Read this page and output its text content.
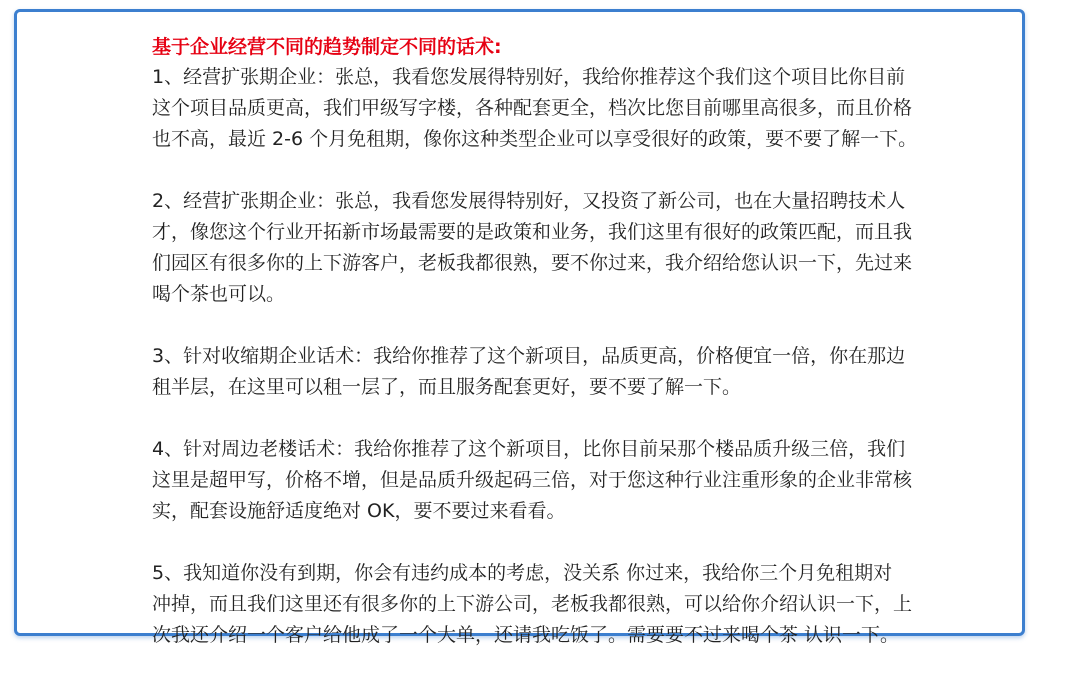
基于企业经营不同的趋势制定不同的话术:

1、经营扩张期企业：张总，我看您发展得特别好，我给你推荐这个我们这个项目比你目前
这个项目品质更高，我们甲级写字楼，各种配套更全，档次比您目前哪里高很多，而且价格
也不高，最近 2-6 个月免租期，像你这种类型企业可以享受很好的政策，要不要了解一下。
2、经营扩张期企业：张总，我看您发展得特别好，又投资了新公司，也在大量招聘技术人
才，像您这个行业开拓新市场最需要的是政策和业务，我们这里有很好的政策匹配，而且我
们园区有很多你的上下游客户，老板我都很熟，要不你过来，我介绍给您认识一下，先过来
喝个茶也可以。
3、针对收缩期企业话术：我给你推荐了这个新项目，品质更高，价格便宜一倍，你在那边
租半层，在这里可以租一层了，而且服务配套更好，要不要了解一下。
4、针对周边老楼话术：我给你推荐了这个新项目，比你目前呆那个楼品质升级三倍，我们
这里是超甲写，价格不增，但是品质升级起码三倍，对于您这种行业注重形象的企业非常核
实，配套设施舒适度绝对 OK，要不要过来看看。
5、我知道你没有到期，你会有违约成本的考虑，没关系 你过来，我给你三个月免租期对
冲掉，而且我们这里还有很多你的上下游公司，老板我都很熟，可以给你介绍认识一下，上
次我还介绍一个客户给他成了一个大单，还请我吃饭了。需要要不过来喝个茶 认识一下。
